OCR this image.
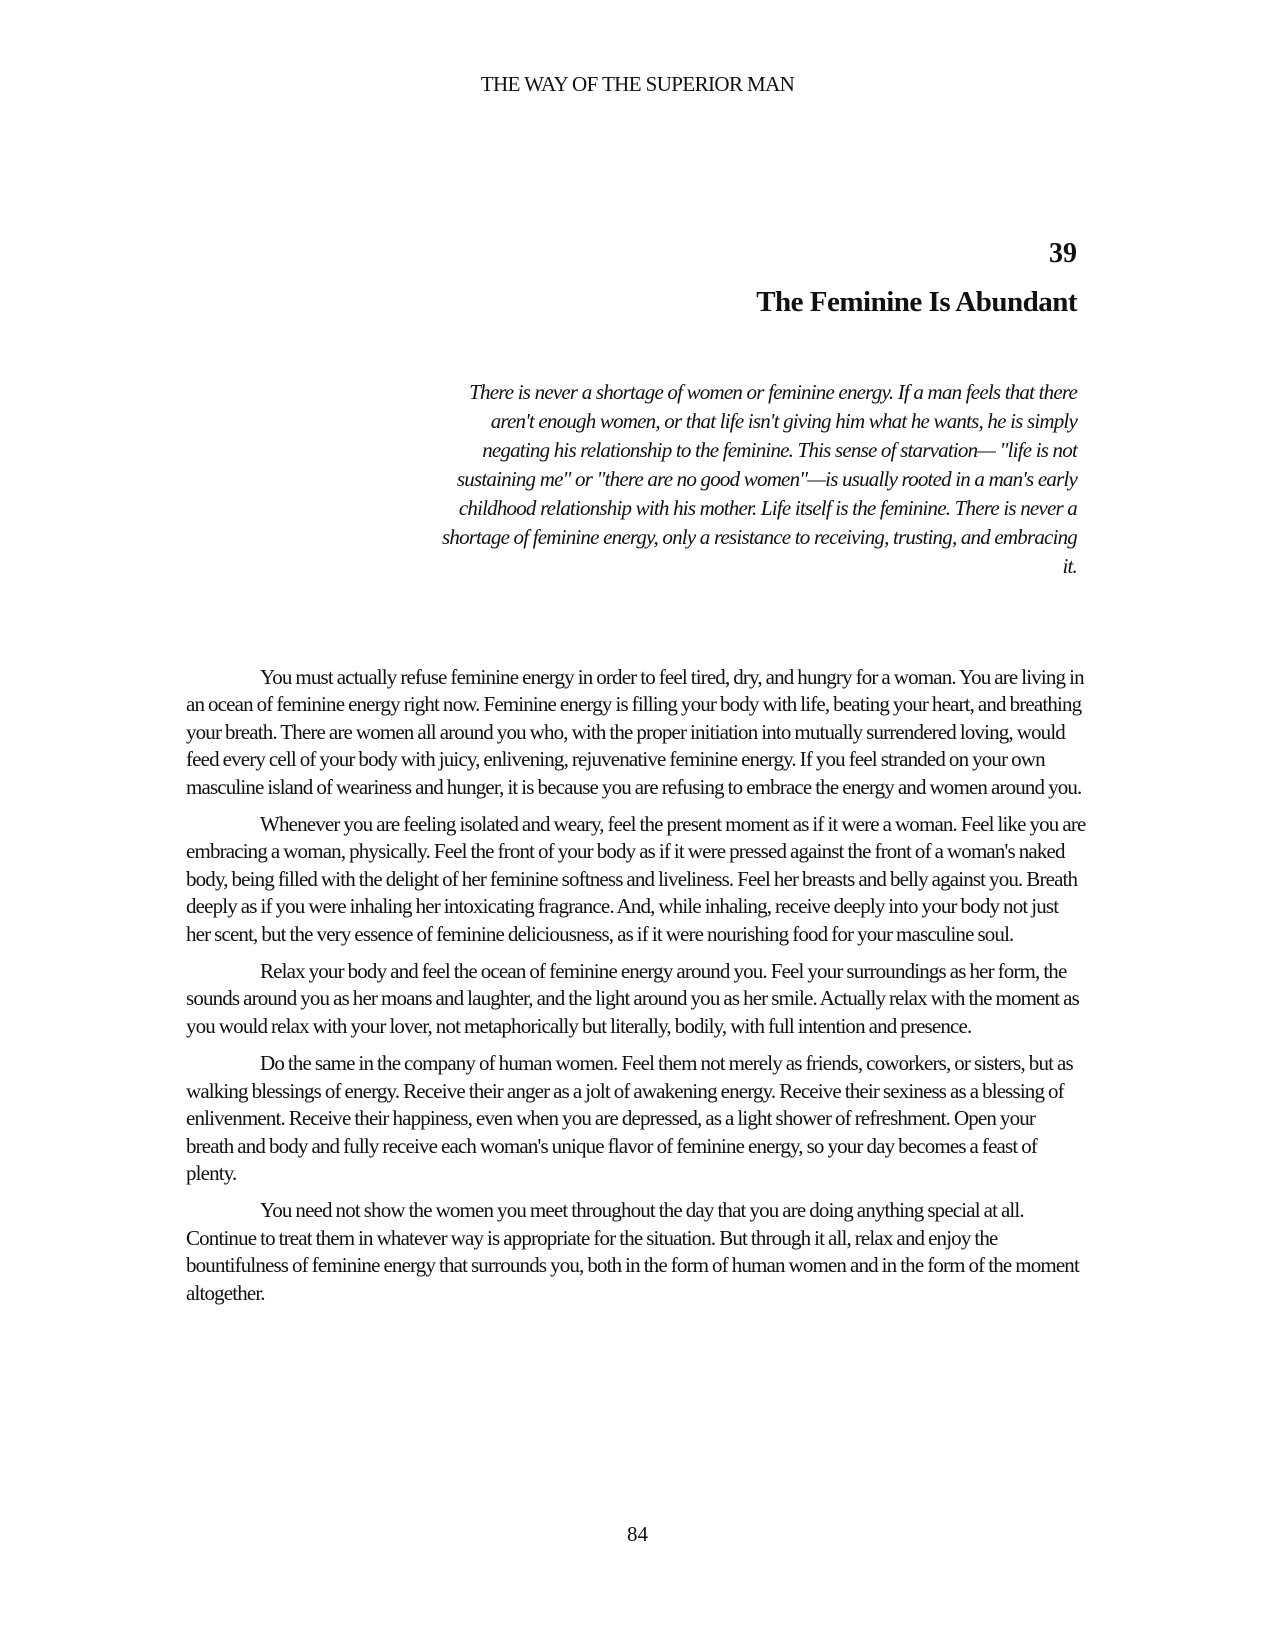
THE WAY OF THE SUPERIOR MAN
39
The Feminine Is Abundant

There is never a shortage of women or feminine energy. If a man feels that there aren't enough women, or that life isn't giving him what he wants, he is simply negating his relationship to the feminine. This sense of starvation— "life is not sustaining me" or "there are no good women"—is usually rooted in a man's early childhood relationship with his mother. Life itself is the feminine. There is never a shortage of feminine energy, only a resistance to receiving, trusting, and embracing it.

You must actually refuse feminine energy in order to feel tired, dry, and hungry for a woman. You are living in an ocean of feminine energy right now. Feminine energy is filling your body with life, beating your heart, and breathing your breath. There are women all around you who, with the proper initiation into mutually surrendered loving, would feed every cell of your body with juicy, enlivening, rejuvenative feminine energy. If you feel stranded on your own masculine island of weariness and hunger, it is because you are refusing to embrace the energy and women around you.

Whenever you are feeling isolated and weary, feel the present moment as if it were a woman. Feel like you are embracing a woman, physically. Feel the front of your body as if it were pressed against the front of a woman's naked body, being filled with the delight of her feminine softness and liveliness. Feel her breasts and belly against you. Breath deeply as if you were inhaling her intoxicating fragrance. And, while inhaling, receive deeply into your body not just her scent, but the very essence of feminine deliciousness, as if it were nourishing food for your masculine soul.

Relax your body and feel the ocean of feminine energy around you. Feel your surroundings as her form, the sounds around you as her moans and laughter, and the light around you as her smile. Actually relax with the moment as you would relax with your lover, not metaphorically but literally, bodily, with full intention and presence.

Do the same in the company of human women. Feel them not merely as friends, coworkers, or sisters, but as walking blessings of energy. Receive their anger as a jolt of awakening energy. Receive their sexiness as a blessing of enlivenment. Receive their happiness, even when you are depressed, as a light shower of refreshment. Open your breath and body and fully receive each woman's unique flavor of feminine energy, so your day becomes a feast of plenty.

You need not show the women you meet throughout the day that you are doing anything special at all. Continue to treat them in whatever way is appropriate for the situation. But through it all, relax and enjoy the bountifulness of feminine energy that surrounds you, both in the form of human women and in the form of the moment altogether.

84
